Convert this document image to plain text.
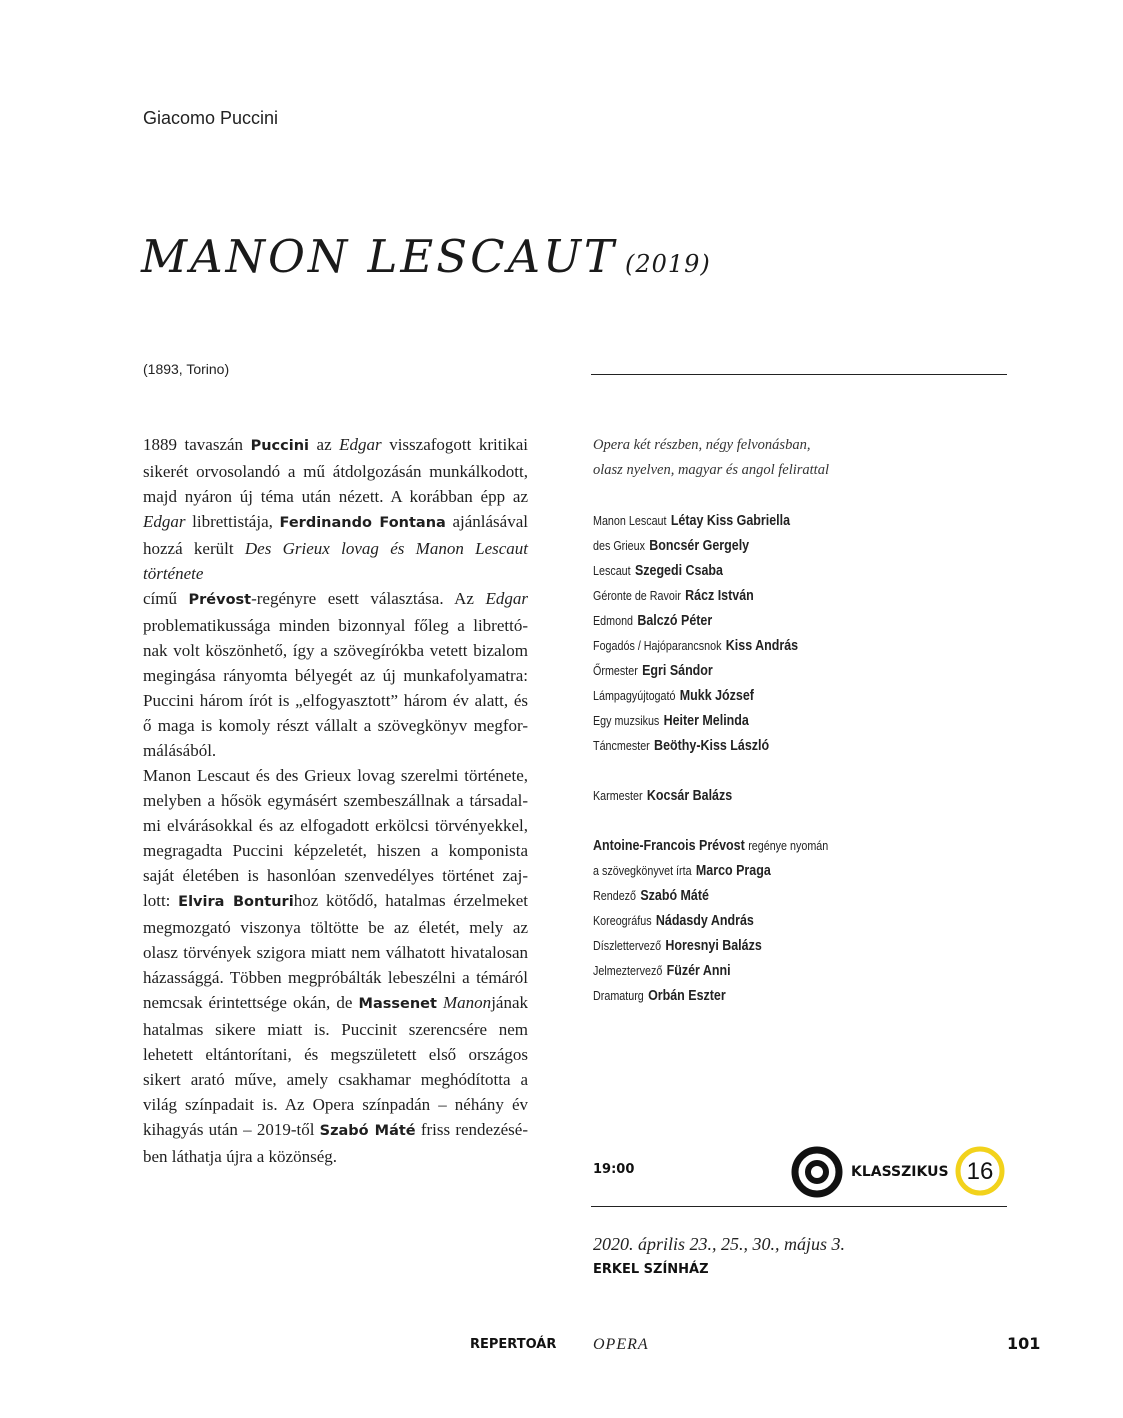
Giacomo Puccini
MANON LESCAUT (2019)
(1893, Torino)
1889 tavaszán Puccini az Edgar visszafogott kritikai
sikerét orvosolandó a mű átdolgozásán munkálkodott,
majd nyáron új téma után nézett. A korábban épp az
Edgar librettistája, Ferdinando Fontana ajánlásával
hozzá került Des Grieux lovag és Manon Lescaut története
című Prévost-regényre esett választása. Az Edgar
problematikussága minden bizonnyal főleg a librettó-
nak volt köszönhető, így a szövegírókba vetett bizalom
megingása rányomta bélyegét az új munkafolyamatra:
Puccini három írót is „elfogyasztott” három év alatt, és
ő maga is komoly részt vállalt a szövegkönyv megfor-
málásából.
Manon Lescaut és des Grieux lovag szerelmi története,
melyben a hősök egymásért szembeszállnak a társadal-
mi elvárásokkal és az elfogadott erkölcsi törvényekkel,
megragadta Puccini képzeletét, hiszen a komponista
saját életében is hasonlóan szenvedélyes történet zaj-
lott: Elvira Bonturihoz kötődő, hatalmas érzelmeket
megmozgató viszonya töltötte be az életét, mely az
olasz törvények szigora miatt nem válhatott hivatalosan
házassággá. Többen megpróbálták lebeszélni a témáról
nemcsak érintettsége okán, de Massenet Manonjának
hatalmas sikere miatt is. Puccinit szerencsére nem
lehetett eltántorítani, és megszületett első országos
sikert arató műve, amely csakhamar meghódította a
világ színpadait is. Az Opera színpadán – néhány év
kihagyás után – 2019-től Szabó Máté friss rendezésé-
ben láthatja újra a közönség.
Opera két részben, négy felvonásban,
olasz nyelven, magyar és angol felirattal
Manon Lescaut Létay Kiss Gabriella
des Grieux Boncsér Gergely
Lescaut Szegedi Csaba
Géronte de Ravoir Rácz István
Edmond Balczó Péter
Fogadós / Hajóparancsnok Kiss András
Őrmester Egri Sándor
Lámpagyújtogató Mukk József
Egy muzsikus Heiter Melinda
Táncmester Beöthy-Kiss László
Karmester Kocsár Balázs
Antoine-Francois Prévost regénye nyomán
a szövegkönyvet írta Marco Praga
Rendező Szabó Máté
Koreográfus Nádasdy András
Díszlettervező Horesnyi Balázs
Jelmeztervező Füzér Anni
Dramaturg Orbán Eszter
19:00	KLASSZIKUS 16
2020. április 23., 25., 30., május 3.
ERKEL SZÍNHÁZ
REPERTOÁR OPERA	101
